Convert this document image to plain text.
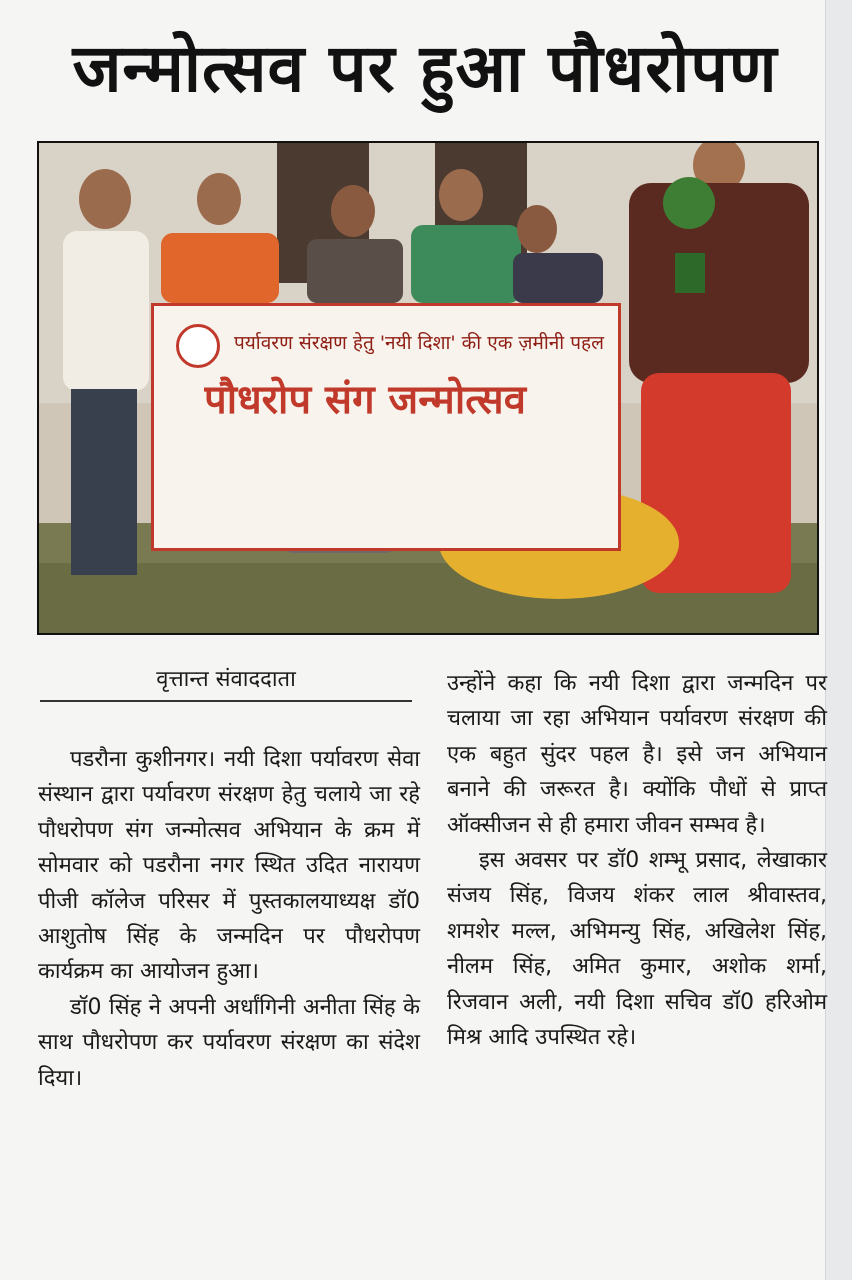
जन्मोत्सव पर हुआ पौधरोपण
पर्यावरण संरक्षण हेतु 'नयी दिशा' की एक ज़मीनी पहल
पौधरोप संग जन्मोत्सव
वृत्तान्त संवाददाता

पडरौना कुशीनगर। नयी दिशा पर्यावरण सेवा संस्थान द्वारा पर्यावरण संरक्षण हेतु चलाये जा रहे पौधरोपण संग जन्मोत्सव अभियान के क्रम में सोमवार को पडरौना नगर स्थित उदित नारायण पीजी कॉलेज परिसर में पुस्तकालयाध्यक्ष डॉ0 आशुतोष सिंह के जन्मदिन पर पौधरोपण कार्यक्रम का आयोजन हुआ।

डॉ0 सिंह ने अपनी अर्धांगिनी अनीता सिंह के साथ पौधरोपण कर पर्यावरण संरक्षण का संदेश दिया।

उन्होंने कहा कि नयी दिशा द्वारा जन्मदिन पर चलाया जा रहा अभियान पर्यावरण संरक्षण की एक बहुत सुंदर पहल है। इसे जन अभियान बनाने की जरूरत है। क्योंकि पौधों से प्राप्त ऑक्सीजन से ही हमारा जीवन सम्भव है।

इस अवसर पर डॉ0 शम्भू प्रसाद, लेखाकार संजय सिंह, विजय शंकर लाल श्रीवास्तव, शमशेर मल्ल, अभिमन्यु सिंह, अखिलेश सिंह, नीलम सिंह, अमित कुमार, अशोक शर्मा, रिजवान अली, नयी दिशा सचिव डॉ0 हरिओम मिश्र आदि उपस्थित रहे।
